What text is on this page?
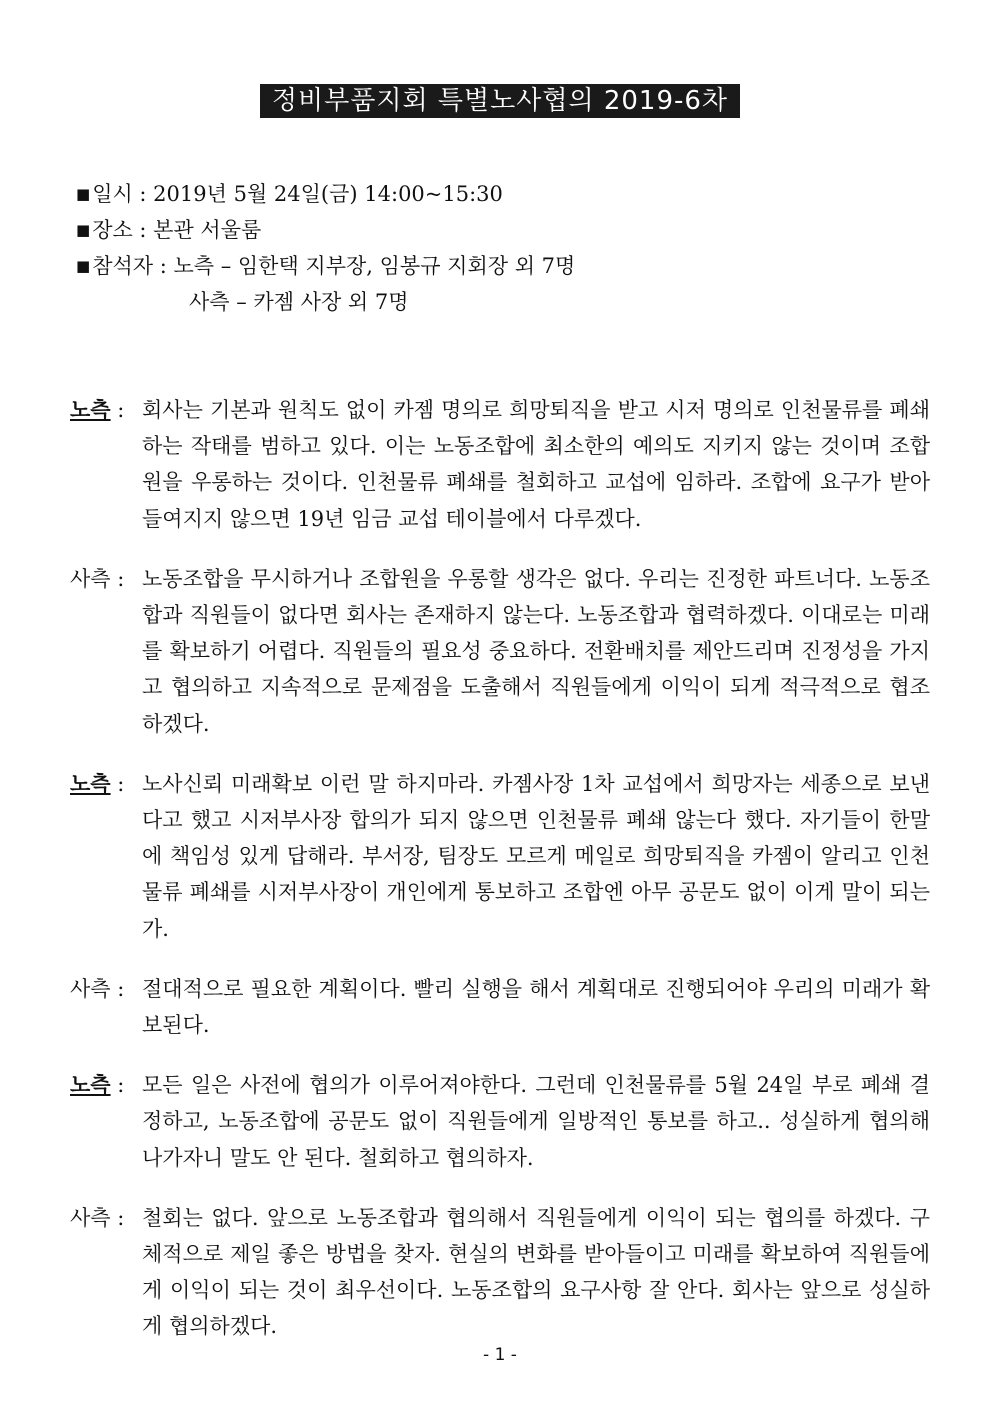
정비부품지회 특별노사협의 2019-6차
■일시 : 2019년 5월 24일(금) 14:00~15:30
■장소 : 본관 서울룸
■참석자 : 노측 – 임한택 지부장, 임봉규 지회장 외 7명
사측 – 카젬 사장 외 7명
노측 : 회사는 기본과 원칙도 없이 카젬 명의로 희망퇴직을 받고 시저 명의로 인천물류를 폐쇄하는 작태를 범하고 있다. 이는 노동조합에 최소한의 예의도 지키지 않는 것이며 조합원을 우롱하는 것이다. 인천물류 폐쇄를 철회하고 교섭에 임하라. 조합에 요구가 받아들여지지 않으면 19년 임금 교섭 테이블에서 다루겠다.
사측 : 노동조합을 무시하거나 조합원을 우롱할 생각은 없다. 우리는 진정한 파트너다. 노동조합과 직원들이 없다면 회사는 존재하지 않는다. 노동조합과 협력하겠다. 이대로는 미래를 확보하기 어렵다. 직원들의 필요성 중요하다. 전환배치를 제안드리며 진정성을 가지고 협의하고 지속적으로 문제점을 도출해서 직원들에게 이익이 되게 적극적으로 협조하겠다.
노측 : 노사신뢰 미래확보 이런 말 하지마라. 카젬사장 1차 교섭에서 희망자는 세종으로 보낸다고 했고 시저부사장 합의가 되지 않으면 인천물류 폐쇄 않는다 했다. 자기들이 한말에 책임성 있게 답해라. 부서장, 팀장도 모르게 메일로 희망퇴직을 카젬이 알리고 인천물류 폐쇄를 시저부사장이 개인에게 통보하고 조합엔 아무 공문도 없이 이게 말이 되는가.
사측 : 절대적으로 필요한 계획이다. 빨리 실행을 해서 계획대로 진행되어야 우리의 미래가 확보된다.
노측 : 모든 일은 사전에 협의가 이루어져야한다. 그런데 인천물류를 5월 24일 부로 폐쇄 결정하고, 노동조합에 공문도 없이 직원들에게 일방적인 통보를 하고.. 성실하게 협의해 나가자니 말도 안 된다. 철회하고 협의하자.
사측 : 철회는 없다. 앞으로 노동조합과 협의해서 직원들에게 이익이 되는 협의를 하겠다. 구체적으로 제일 좋은 방법을 찾자. 현실의 변화를 받아들이고 미래를 확보하여 직원들에게 이익이 되는 것이 최우선이다. 노동조합의 요구사항 잘 안다. 회사는 앞으로 성실하게 협의하겠다.
- 1 -
